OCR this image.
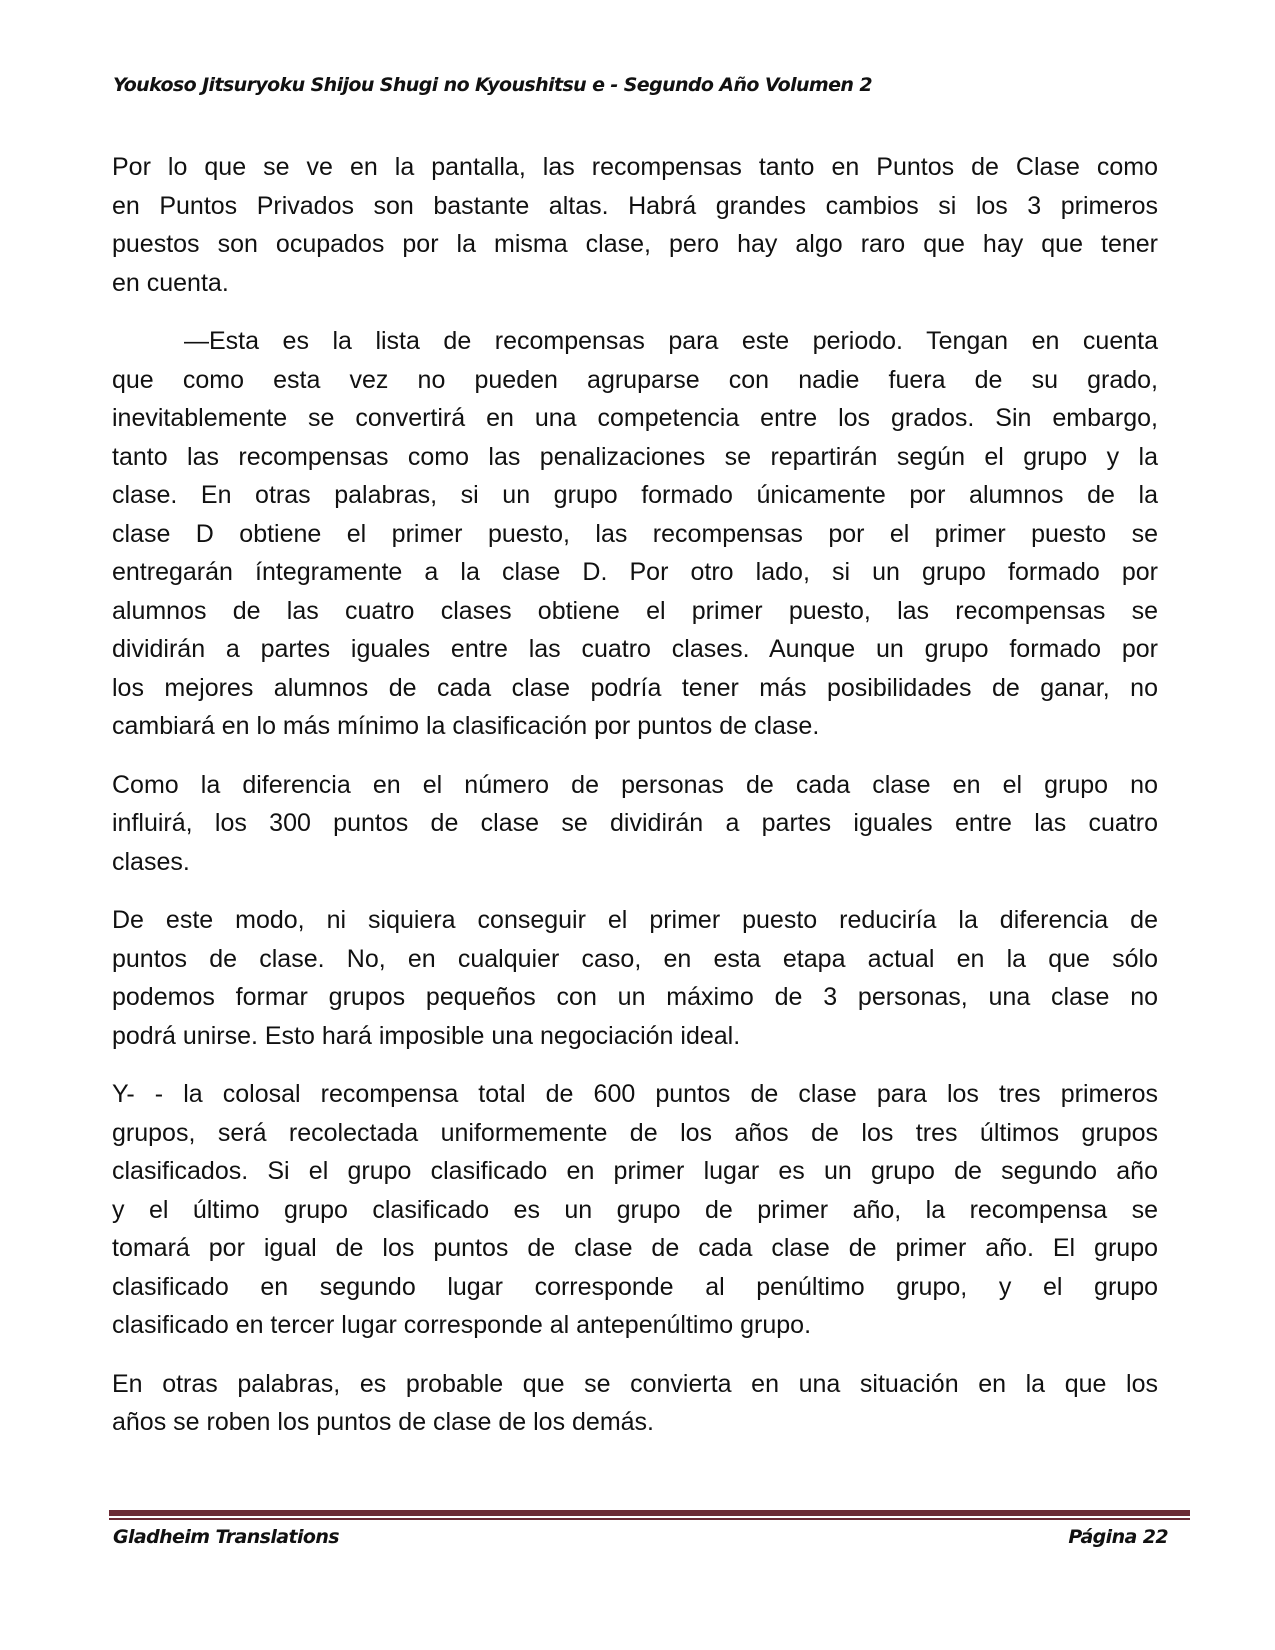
Youkoso Jitsuryoku Shijou Shugi no Kyoushitsu e - Segundo Año Volumen 2
Por lo que se ve en la pantalla, las recompensas tanto en Puntos de Clase como
en Puntos Privados son bastante altas. Habrá grandes cambios si los 3 primeros
puestos son ocupados por la misma clase, pero hay algo raro que hay que tener
en cuenta.
—Esta es la lista de recompensas para este periodo. Tengan en cuenta
que como esta vez no pueden agruparse con nadie fuera de su grado,
inevitablemente se convertirá en una competencia entre los grados. Sin embargo,
tanto las recompensas como las penalizaciones se repartirán según el grupo y la
clase. En otras palabras, si un grupo formado únicamente por alumnos de la
clase D obtiene el primer puesto, las recompensas por el primer puesto se
entregarán íntegramente a la clase D. Por otro lado, si un grupo formado por
alumnos de las cuatro clases obtiene el primer puesto, las recompensas se
dividirán a partes iguales entre las cuatro clases. Aunque un grupo formado por
los mejores alumnos de cada clase podría tener más posibilidades de ganar, no
cambiará en lo más mínimo la clasificación por puntos de clase.
Como la diferencia en el número de personas de cada clase en el grupo no
influirá, los 300 puntos de clase se dividirán a partes iguales entre las cuatro
clases.
De este modo, ni siquiera conseguir el primer puesto reduciría la diferencia de
puntos de clase. No, en cualquier caso, en esta etapa actual en la que sólo
podemos formar grupos pequeños con un máximo de 3 personas, una clase no
podrá unirse. Esto hará imposible una negociación ideal.
Y- - la colosal recompensa total de 600 puntos de clase para los tres primeros
grupos, será recolectada uniformemente de los años de los tres últimos grupos
clasificados. Si el grupo clasificado en primer lugar es un grupo de segundo año
y el último grupo clasificado es un grupo de primer año, la recompensa se
tomará por igual de los puntos de clase de cada clase de primer año. El grupo
clasificado en segundo lugar corresponde al penúltimo grupo, y el grupo
clasificado en tercer lugar corresponde al antepenúltimo grupo.
En otras palabras, es probable que se convierta en una situación en la que los
años se roben los puntos de clase de los demás.
Gladheim Translations	Página 22
